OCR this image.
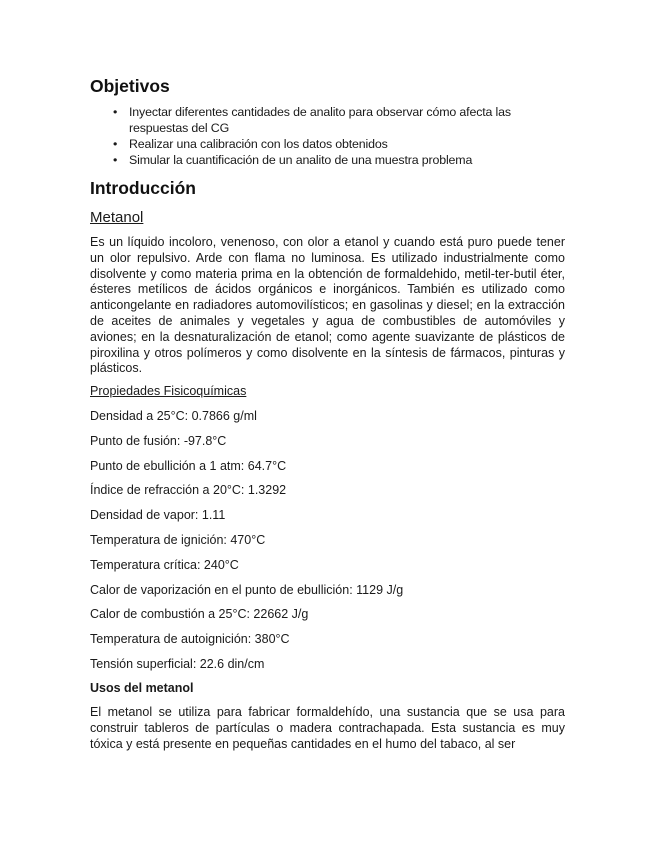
Objetivos
• Inyectar diferentes cantidades de analito para observar cómo afecta las respuestas del CG
• Realizar una calibración con los datos obtenidos
• Simular la cuantificación de un analito de una muestra problema
Introducción
Metanol

Es un líquido incoloro, venenoso, con olor a etanol y cuando está puro puede tener un olor repulsivo. Arde con flama no luminosa. Es utilizado industrialmente como disolvente y como materia prima en la obtención de formaldehido, metil-ter-butil éter, ésteres metílicos de ácidos orgánicos e inorgánicos. También es utilizado como anticongelante en radiadores automovilísticos; en gasolinas y diesel; en la extracción de aceites de animales y vegetales y agua de combustibles de automóviles y aviones; en la desnaturalización de etanol; como agente suavizante de plásticos de piroxilina y otros polímeros y como disolvente en la síntesis de fármacos, pinturas y plásticos.

Propiedades Fisicoquímicas
Densidad a 25°C: 0.7866 g/ml
Punto de fusión: -97.8°C
Punto de ebullición a 1 atm: 64.7°C
Índice de refracción a 20°C: 1.3292
Densidad de vapor: 1.11
Temperatura de ignición: 470°C
Temperatura crítica: 240°C
Calor de vaporización en el punto de ebullición: 1129 J/g
Calor de combustión a 25°C: 22662 J/g
Temperatura de autoignición: 380°C
Tensión superficial: 22.6 din/cm
Usos del metanol

El metanol se utiliza para fabricar formaldehído, una sustancia que se usa para construir tableros de partículas o madera contrachapada. Esta sustancia es muy tóxica y está presente en pequeñas cantidades en el humo del tabaco, al ser
